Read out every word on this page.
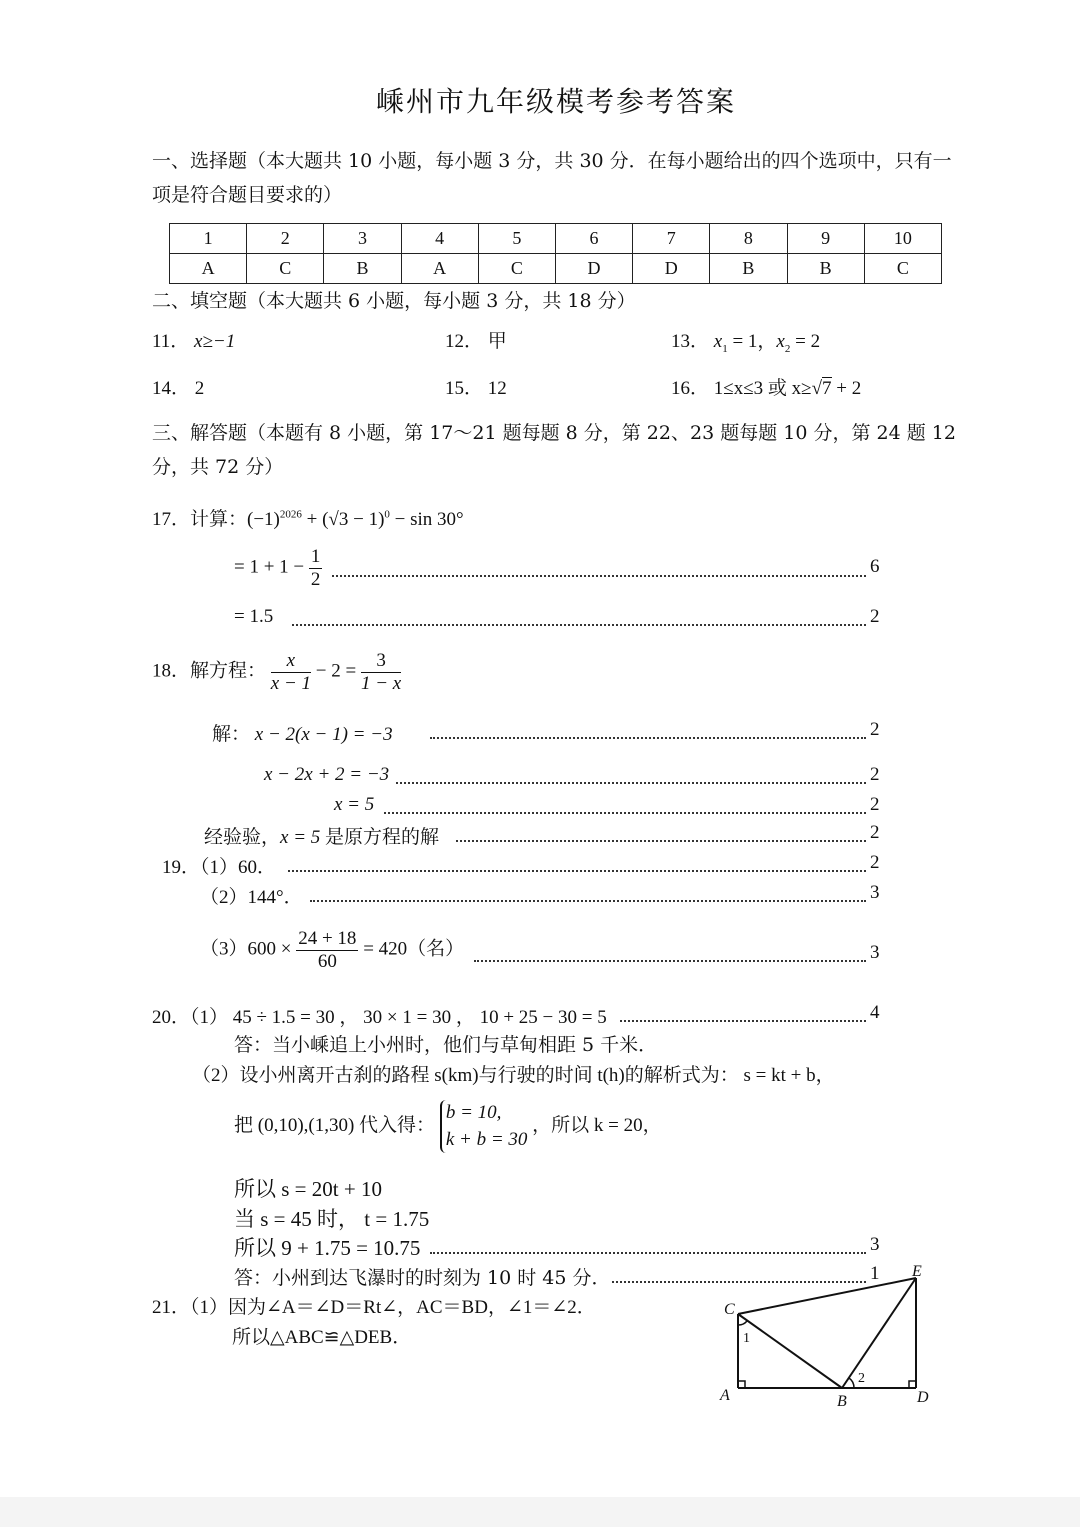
嵊州市九年级模考参考答案
一、选择题（本大题共 10 小题，每小题 3 分，共 30 分．在每小题给出的四个选项中，只有一
项是符合题目要求的）
1	2	3	4	5	6	7	8	9	10
A	C	B	A	C	D	D	B	B	C
二、填空题（本大题共 6 小题，每小题 3 分，共 18 分）
11． x≥−1	12． 甲	13． $x_1 = 1$，$x_2 = 2$
14． 2	15． 12	16． 1≤x≤3 或 x≥√7 + 2
三、解答题（本题有 8 小题，第 17～21 题每题 8 分，第 22、23 题每题 10 分，第 24 题 12
分，共 72 分）
17．计算：$(-1)^{2026} + (√3 - 1)^0 - \sin 30^\circ$
= $1 + 1 - \frac{1}{2}$	6
= 1.5	2
18．解方程： $\frac{x}{x - 1} - 2 = \frac{3}{1 - x}$
解： x − 2(x − 1) = −3	2
x − 2x + 2 = −3	2
x = 5	2
经验验，x = 5 是原方程的解	2
19．（1）60．	2
（2）144°．	3
$(3)600 \times \frac{24 + 18}{60} = 420$（名）	3
20．（1） 45 ÷ 1.5 = 30 ， 30 × 1 = 30 ， 10 + 25 − 30 = 5	4
答：当小嵊追上小州时，他们与草甸相距 5 千米．
（2）设小州离开古刹的路程 s(km)与行驶的时间 t(h)的解析式为： s = kt + b，
把 (0,10),(1,30) 代入得：
b = 10,
k + b = 30
，所以 k = 20，
所以 s = 20t + 10
当 s = 45 时， t = 1.75
所以 9 + 1.75 = 10.75	3
答：小州到达飞瀑时的时刻为 10 时 45 分．	1
21．（1）因为∠A＝∠D＝Rt∠，AC＝BD，∠1＝∠2．
所以△ABC≌△DEB．
C
A	B	D
E
1
2
